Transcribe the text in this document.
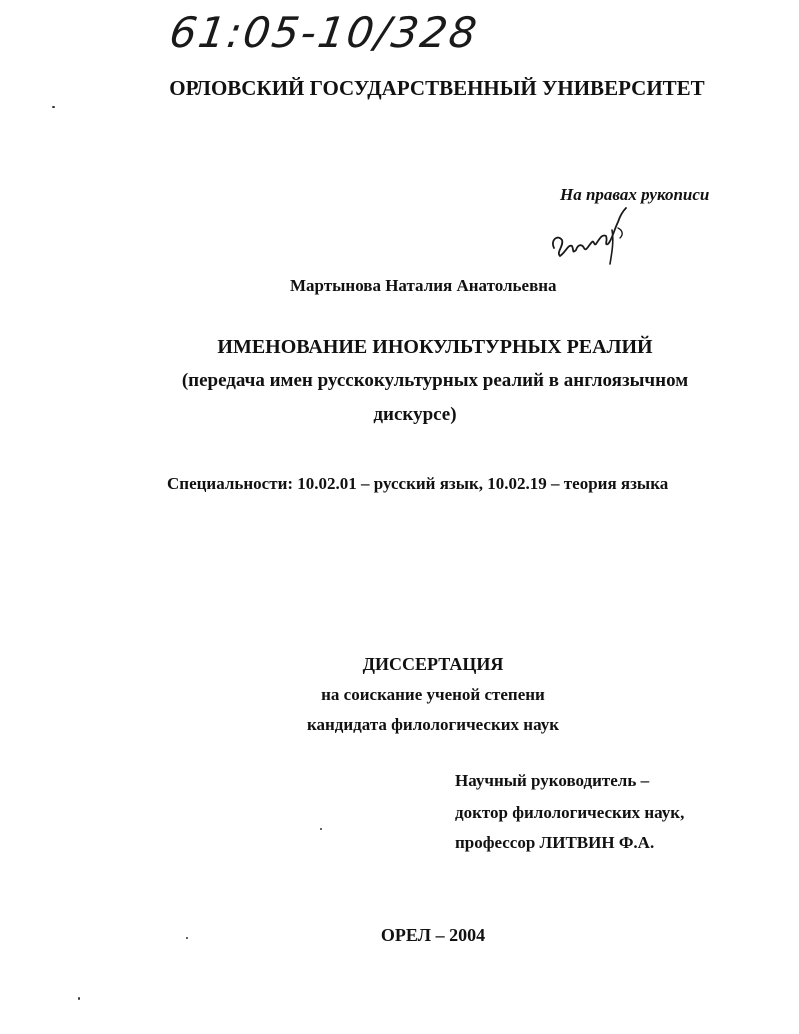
61:05-10/328
ОРЛОВСКИЙ ГОСУДАРСТВЕННЫЙ УНИВЕРСИТЕТ
На правах рукописи
Мартынова Наталия Анатольевна
ИМЕНОВАНИЕ ИНОКУЛЬТУРНЫХ РЕАЛИЙ
(передача имен русскокультурных реалий в англоязычном
дискурсе)
Специальности: 10.02.01 – русский язык, 10.02.19 – теория языка
ДИССЕРТАЦИЯ
на соискание ученой степени
кандидата филологических наук
Научный руководитель –
доктор филологических наук,
профессор ЛИТВИН Ф.А.
ОРЕЛ – 2004
